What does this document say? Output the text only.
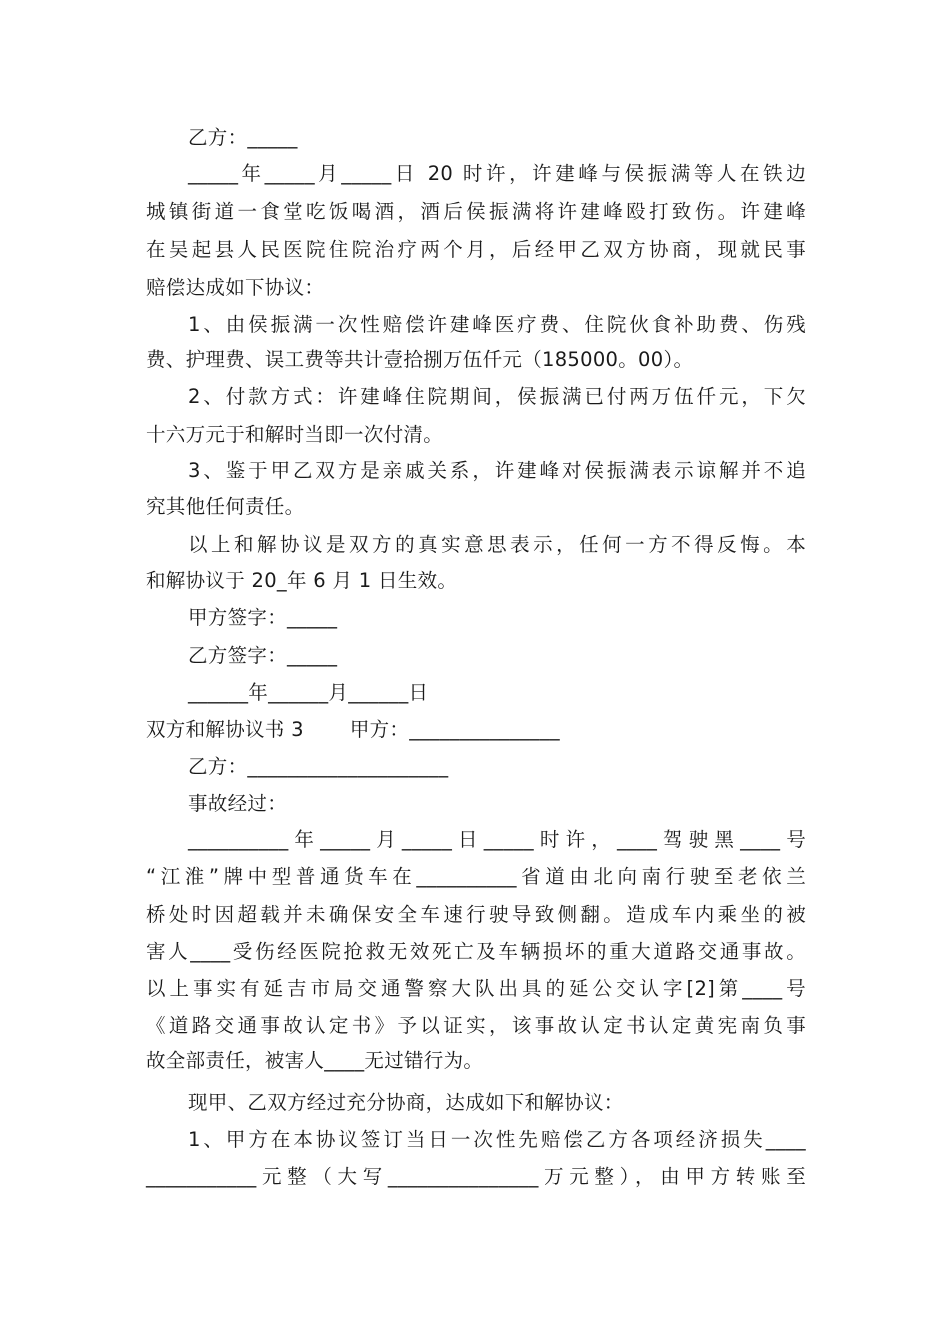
乙方：_____
_____年_____月_____日 20 时许，许建峰与侯振满等人在铁边
城镇街道一食堂吃饭喝酒，酒后侯振满将许建峰殴打致伤。许建峰
在吴起县人民医院住院治疗两个月，后经甲乙双方协商，现就民事
赔偿达成如下协议：
1、由侯振满一次性赔偿许建峰医疗费、住院伙食补助费、伤残
费、护理费、误工费等共计壹拾捌万伍仟元（185000。00）。
2、付款方式：许建峰住院期间，侯振满已付两万伍仟元，下欠
十六万元于和解时当即一次付清。
3、鉴于甲乙双方是亲戚关系，许建峰对侯振满表示谅解并不追
究其他任何责任。
以上和解协议是双方的真实意思表示，任何一方不得反悔。本
和解协议于 20_年 6 月 1 日生效。
甲方签字：_____
乙方签字：_____
______年______月______日
双方和解协议书 3 甲方：_______________
乙方：____________________
事故经过：
__________年_____月_____日_____时许，____驾驶黑____号
“江淮”牌中型普通货车在__________省道由北向南行驶至老依兰
桥处时因超载并未确保安全车速行驶导致侧翻。造成车内乘坐的被
害人____受伤经医院抢救无效死亡及车辆损坏的重大道路交通事故。
以上事实有延吉市局交通警察大队出具的延公交认字[2]第____号
《道路交通事故认定书》予以证实，该事故认定书认定黄宪南负事
故全部责任，被害人____无过错行为。
现甲、乙双方经过充分协商，达成如下和解协议：
1、甲方在本协议签订当日一次性先赔偿乙方各项经济损失____
___________元整（大写_______________万元整），由甲方转账至
